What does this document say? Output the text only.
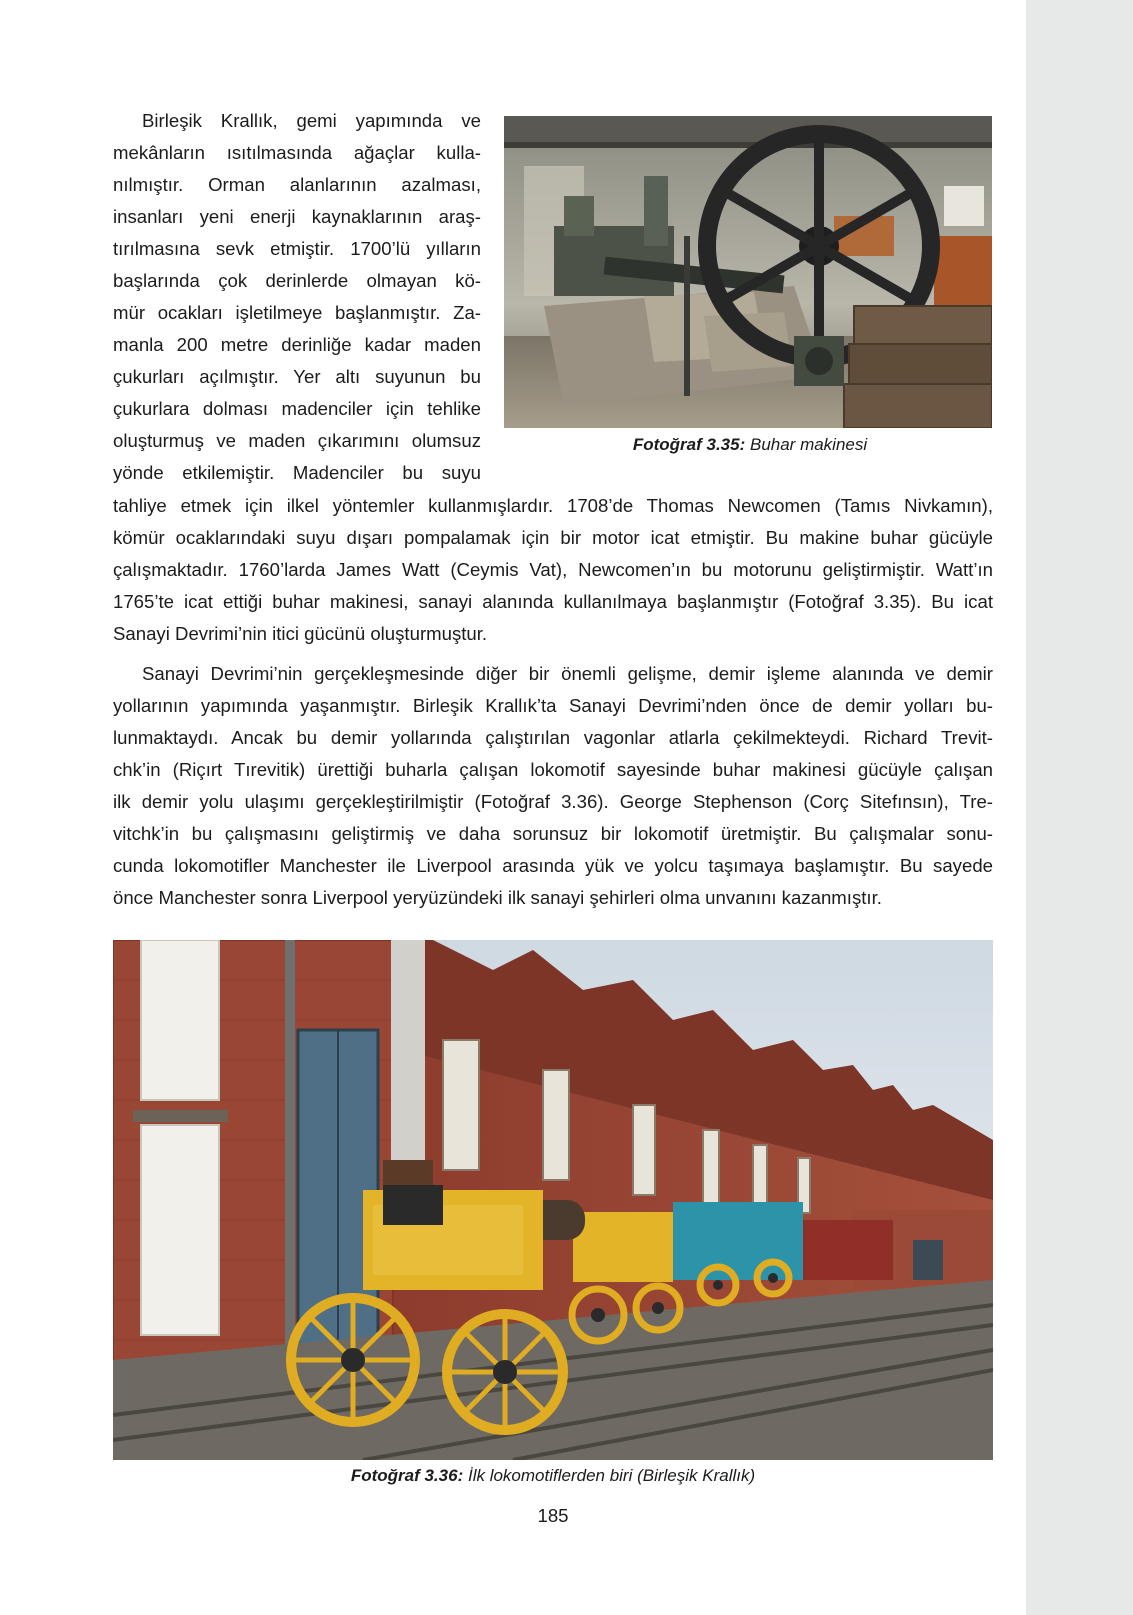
Birleşik Krallık, gemi yapımında ve
mekânların ısıtılmasında ağaçlar kulla-
nılmıştır. Orman alanlarının azalması,
insanları yeni enerji kaynaklarının araş-
tırılmasına sevk etmiştir. 1700’lü yılların
başlarında çok derinlerde olmayan kö-
mür ocakları işletilmeye başlanmıştır. Za-
manla 200 metre derinliğe kadar maden
çukurları açılmıştır. Yer altı suyunun bu
çukurlara dolması madenciler için tehlike
oluşturmuş ve maden çıkarımını olumsuz
yönde etkilemiştir. Madenciler bu suyu
Fotoğraf 3.35: Buhar makinesi
tahliye etmek için ilkel yöntemler kullanmışlardır. 1708’de Thomas Newcomen (Tamıs Nivkamın),
kömür ocaklarındaki suyu dışarı pompalamak için bir motor icat etmiştir. Bu makine buhar gücüyle
çalışmaktadır. 1760’larda James Watt (Ceymis Vat), Newcomen’ın bu motorunu geliştirmiştir. Watt’ın
1765’te icat ettiği buhar makinesi, sanayi alanında kullanılmaya başlanmıştır (Fotoğraf 3.35). Bu icat
Sanayi Devrimi’nin itici gücünü oluşturmuştur.
Sanayi Devrimi’nin gerçekleşmesinde diğer bir önemli gelişme, demir işleme alanında ve demir
yollarının yapımında yaşanmıştır. Birleşik Krallık’ta Sanayi Devrimi’nden önce de demir yolları bu-
lunmaktaydı. Ancak bu demir yollarında çalıştırılan vagonlar atlarla çekilmekteydi. Richard Trevit-
chk’in (Riçırt Tırevitik) ürettiği buharla çalışan lokomotif sayesinde buhar makinesi gücüyle çalışan
ilk demir yolu ulaşımı gerçekleştirilmiştir (Fotoğraf 3.36). George Stephenson (Corç Sitefınsın), Tre-
vitchk’in bu çalışmasını geliştirmiş ve daha sorunsuz bir lokomotif üretmiştir. Bu çalışmalar sonu-
cunda lokomotifler Manchester ile Liverpool arasında yük ve yolcu taşımaya başlamıştır. Bu sayede
önce Manchester sonra Liverpool yeryüzündeki ilk sanayi şehirleri olma unvanını kazanmıştır.
Fotoğraf 3.36: İlk lokomotiflerden biri (Birleşik Krallık)
185
